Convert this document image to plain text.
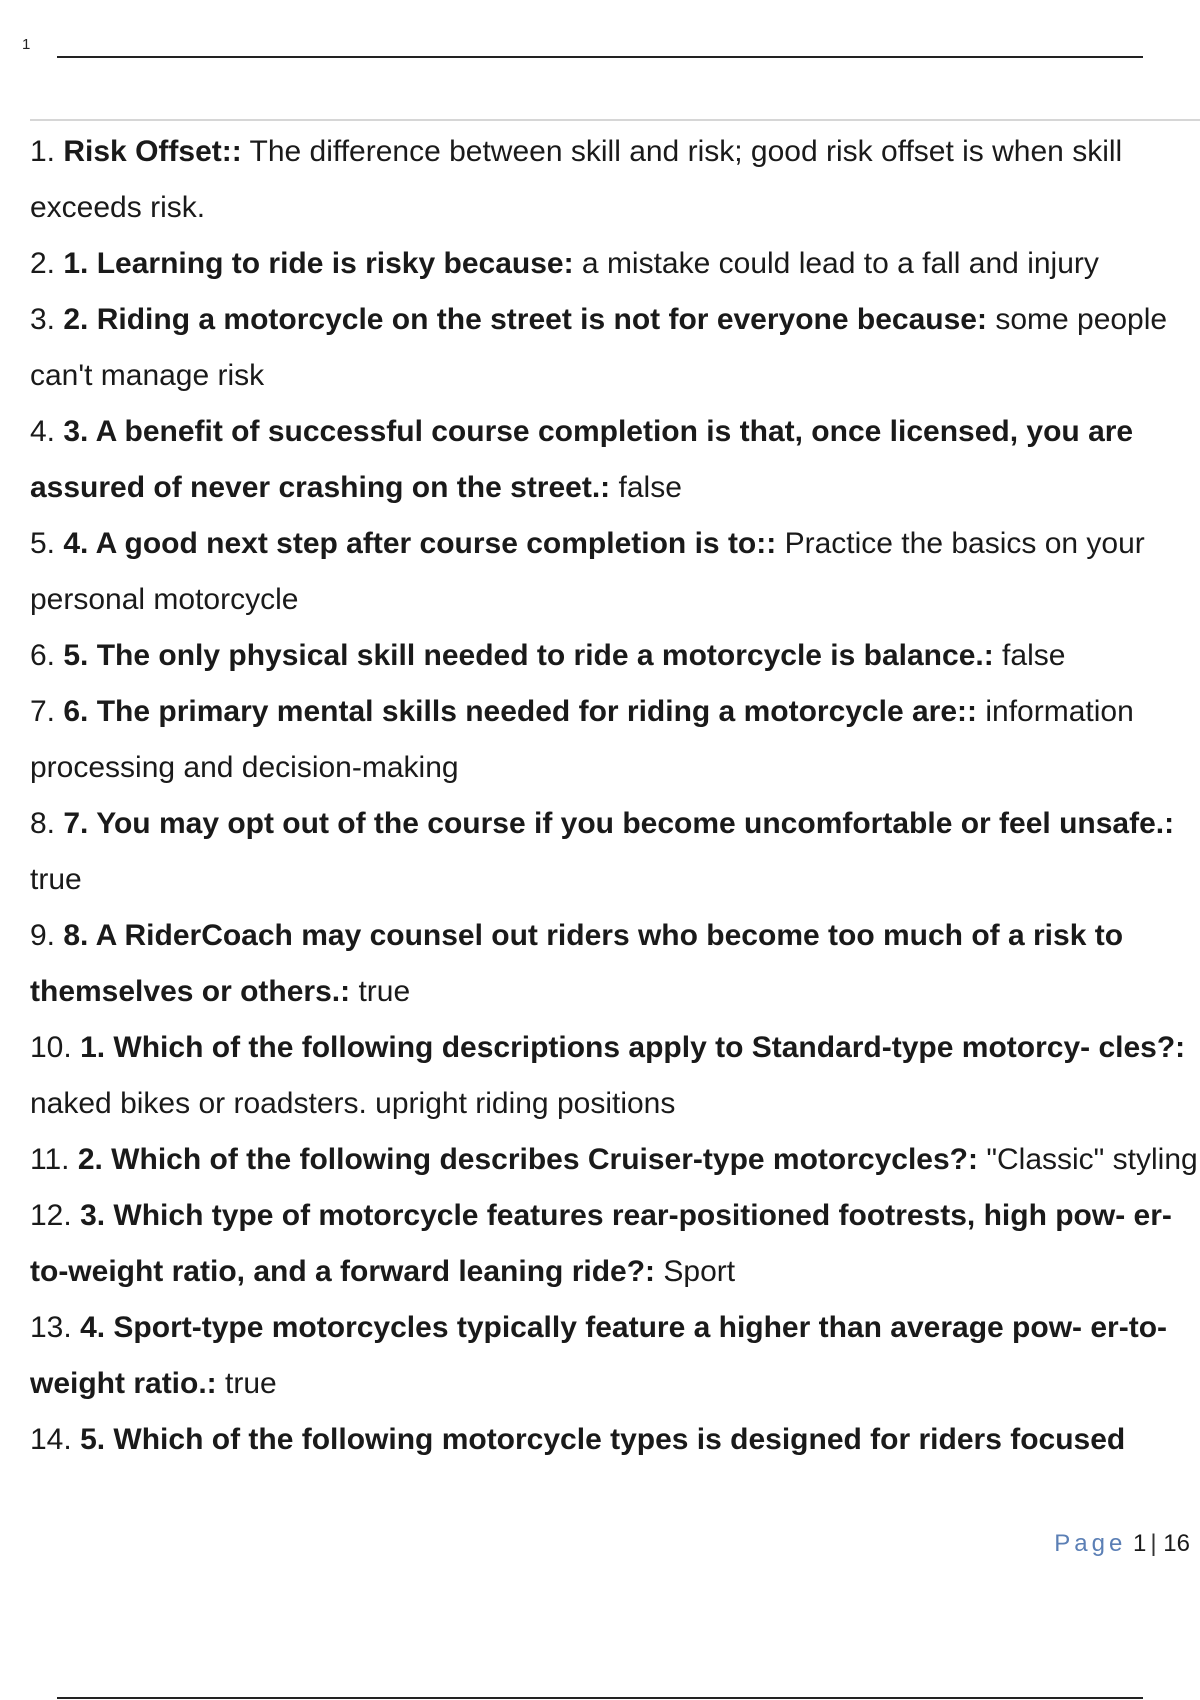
1

1. Risk Offset:: The difference between skill and risk; good risk offset is when skill exceeds risk.

2. 1. Learning to ride is risky because: a mistake could lead to a fall and injury

3. 2. Riding a motorcycle on the street is not for everyone because: some people can't manage risk

4. 3. A benefit of successful course completion is that, once licensed, you are assured of never crashing on the street.: false

5. 4. A good next step after course completion is to:: Practice the basics on your personal motorcycle

6. 5. The only physical skill needed to ride a motorcycle is balance.: false

7. 6. The primary mental skills needed for riding a motorcycle are:: information processing and decision-making

8. 7. You may opt out of the course if you become uncomfortable or feel unsafe.: true

9. 8. A RiderCoach may counsel out riders who become too much of a risk to themselves or others.: true

10. 1. Which of the following descriptions apply to Standard-type motorcy- cles?: naked bikes or roadsters. upright riding positions

11. 2. Which of the following describes Cruiser-type motorcycles?: "Classic" styling

12. 3. Which type of motorcycle features rear-positioned footrests, high pow- er-to-weight ratio, and a forward leaning ride?: Sport

13. 4. Sport-type motorcycles typically feature a higher than average pow- er-to-weight ratio.: true

14. 5. Which of the following motorcycle types is designed for riders focused

Page 1 | 16
